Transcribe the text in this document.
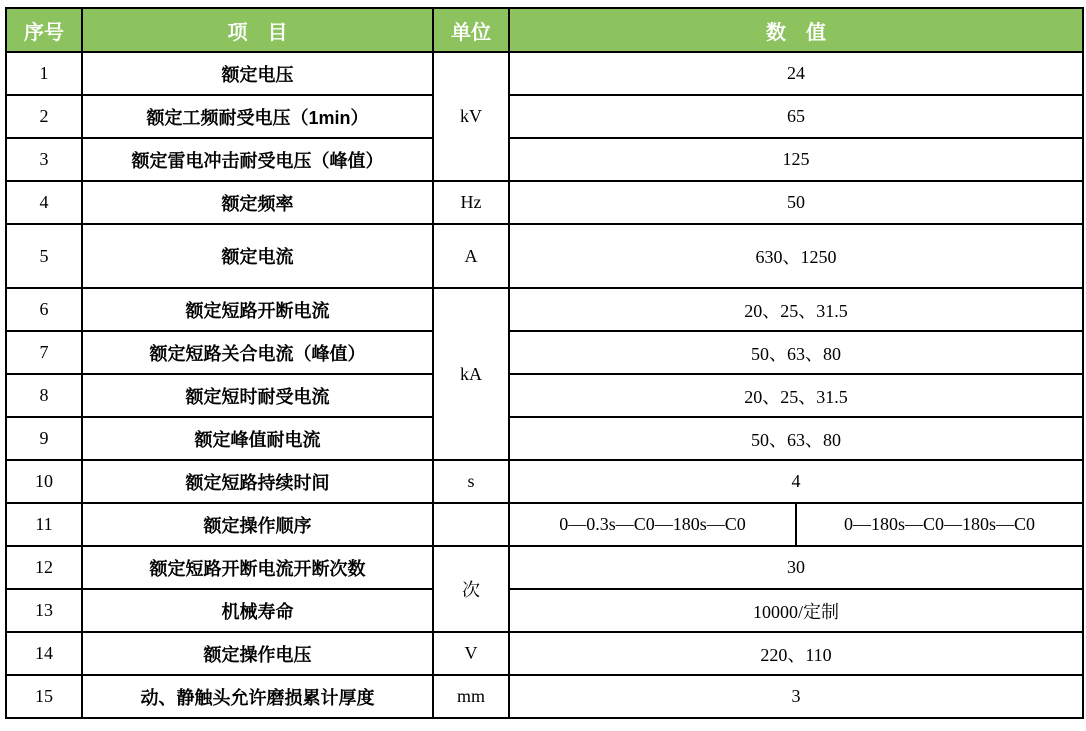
序号	项　目	单位	数　值	
1	额定电压	kV	24	
2	额定工频耐受电压（1min）		65	
3	额定雷电冲击耐受电压（峰值）		125	
4	额定频率	Hz	50	
5	额定电流	A	630、1250	
6	额定短路开断电流	kA	20、25、31.5	
7	额定短路关合电流（峰值）		50、63、80	
8	额定短时耐受电流		20、25、31.5	
9	额定峰值耐电流		50、63、80	
10	额定短路持续时间	s	4	
11	额定操作顺序		0—0.3s—C0—180s—C0	0—180s—C0—180s—C0
12	额定短路开断电流开断次数	次	30	
13	机械寿命		10000/定制	
14	额定操作电压	V	220、110	
15	动、静触头允许磨损累计厚度	mm	3	
